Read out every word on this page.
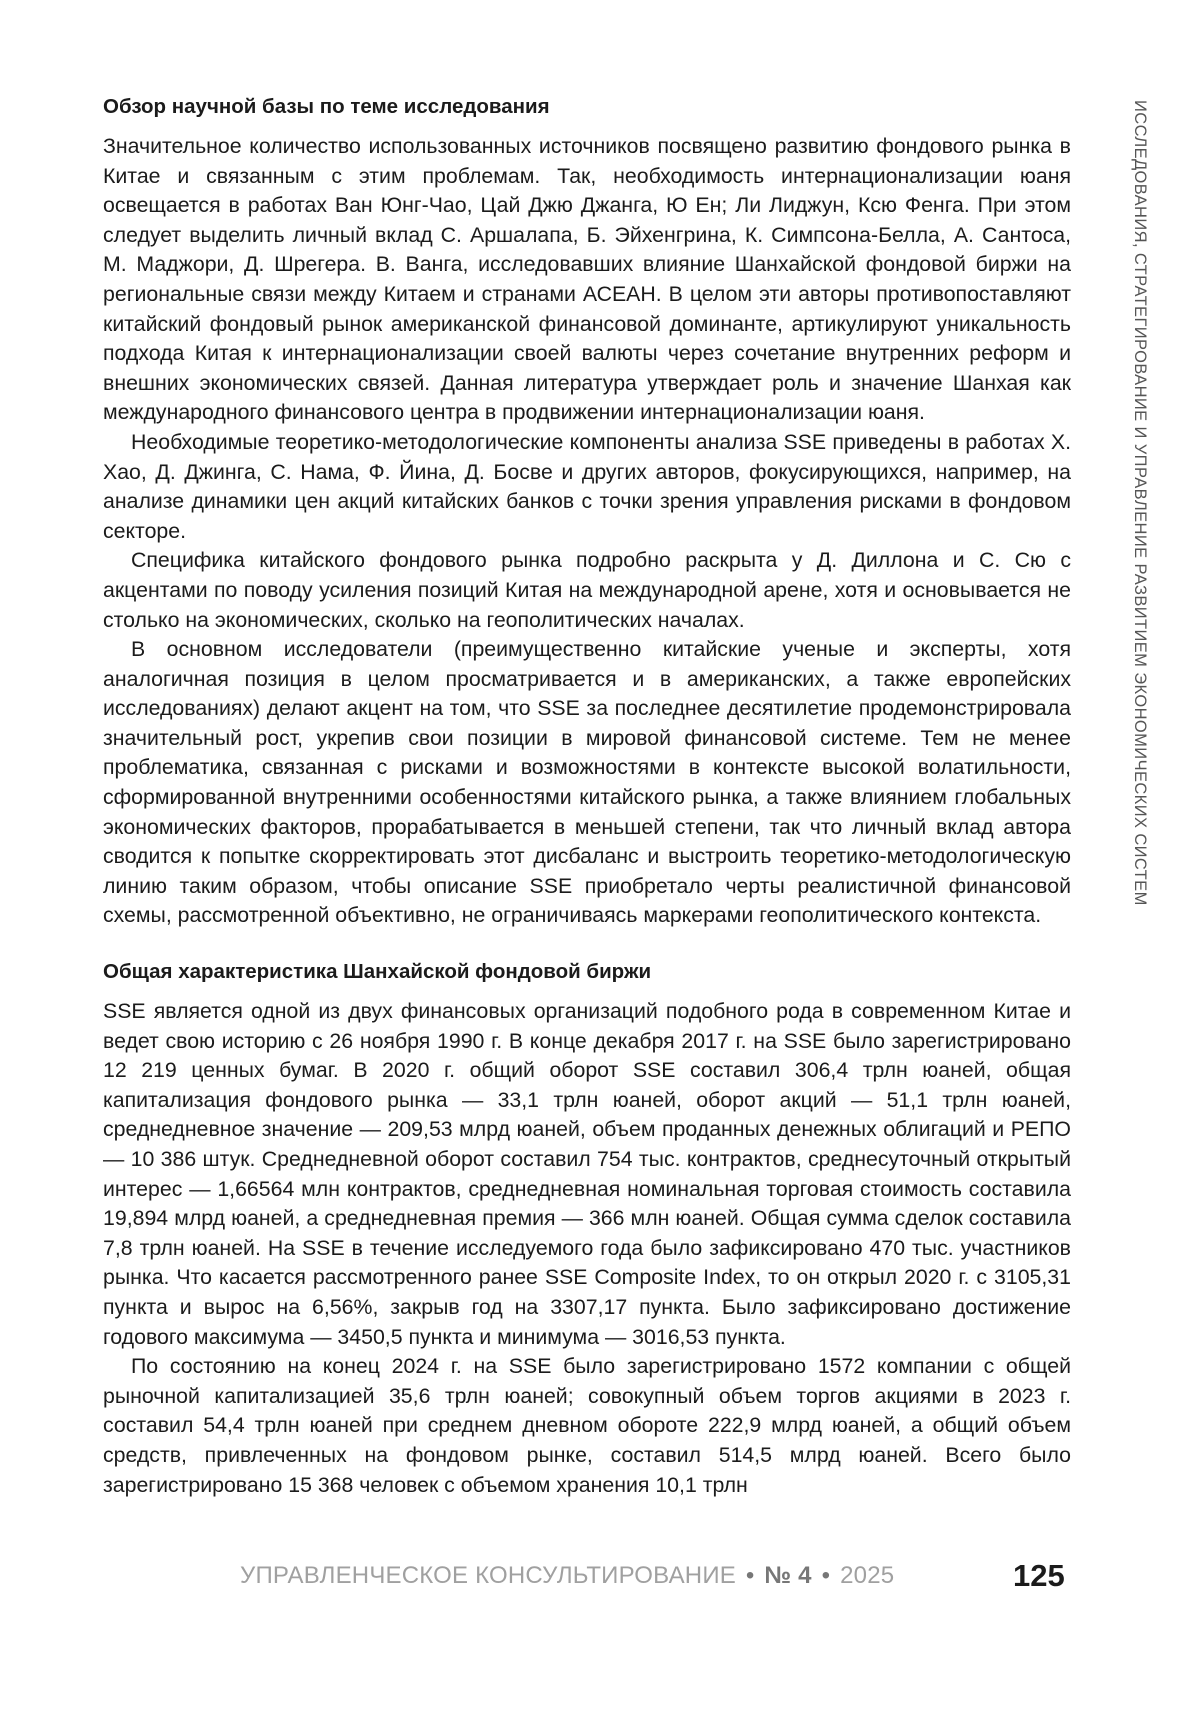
ИССЛЕДОВАНИЯ, СТРАТЕГИРОВАНИЕ И УПРАВЛЕНИЕ РАЗВИТИЕМ ЭКОНОМИЧЕСКИХ СИСТЕМ
Обзор научной базы по теме исследования

Значительное количество использованных источников посвящено развитию фондово­го рынка в Китае и связанным с этим проблемам. Так, необходимость интернационализации юаня освещается в работах Ван Юнг-Чао, Цай Джю Джанга, Ю Ен; Ли Лиджун, Ксю Фенга. При этом следует выделить личный вклад С. Аршалапа, Б. Эйхенгрина, К. Симпсона-Белла, А. Сантоса, М. Маджори, Д. Шрегера. В. Ванга, исследовавших влияние Шанхайской фондовой биржи на региональные связи между Китаем и странами АСЕАН. В целом эти авторы противопоставляют китайский фондовый рынок американской финансовой доминанте, артикулируют уникальность подхода Китая к интернационализации своей валюты через сочетание внутренних реформ и внешних экономических связей. Данная литература утверждает роль и значение Шанхая как международного финансового центра в продвижении интернационализации юаня.

Необходимые теоретико-методологические компоненты анализа SSE приведены в работах Х. Хао, Д. Джинга, С. Нама, Ф. Йина, Д. Босве и других авторов, фокусирующихся, например, на анализе динамики цен акций китайских банков с точки зрения управления рисками в фондовом секторе.

Специфика китайского фондового рынка подробно раскрыта у Д. Диллона и С. Сю с акцентами по поводу усиления позиций Китая на международной арене, хотя и основывается не столько на экономических, сколько на геополитических началах.

В основном исследователи (преимущественно китайские ученые и эксперты, хотя аналогичная позиция в целом просматривается и в американских, а также европейских исследованиях) делают акцент на том, что SSE за последнее десятилетие продемонстрировала значительный рост, укрепив свои позиции в мировой финансовой системе. Тем не менее проблематика, связанная с рисками и возможностями в контексте высокой волатильности, сформированной внутренними особенностями китайского рынка, а также влиянием глобальных экономических факторов, прорабатывается в меньшей степени, так что личный вклад автора сводится к попытке скорректировать этот дисбаланс и выстроить теоретико-методологическую линию таким образом, чтобы описание SSE приобретало черты реалистичной финансовой схемы, рассмотренной объективно, не ограничиваясь маркерами геополитического контекста.

Общая характеристика Шанхайской фондовой биржи

SSE является одной из двух финансовых организаций подобного рода в современном Китае и ведет свою историю с 26 ноября 1990 г. В конце декабря 2017 г. на SSE было зарегистрировано 12 219 ценных бумаг. В 2020 г. общий оборот SSE составил 306,4 трлн юаней, общая капитализация фондового рынка — 33,1 трлн юаней, оборот акций — 51,1 трлн юаней, среднедневное значение — 209,53 млрд юаней, объем проданных денежных облигаций и РЕПО — 10 386 штук. Среднедневной оборот составил 754 тыс. контрактов, среднесуточный открытый интерес — 1,66564 млн контрактов, среднедневная номинальная торговая стоимость составила 19,894 млрд юаней, а среднедневная премия — 366 млн юаней. Общая сумма сделок составила 7,8 трлн юаней. На SSE в течение исследуемого года было зафиксировано 470 тыс. участников рынка. Что касается рассмотренного ранее SSE Composite Index, то он открыл 2020 г. с 3105,31 пункта и вырос на 6,56%, закрыв год на 3307,17 пункта. Было зафиксировано достижение годового максимума — 3450,5 пункта и минимума — 3016,53 пункта.

По состоянию на конец 2024 г. на SSE было зарегистрировано 1572 компании с общей рыночной капитализацией 35,6 трлн юаней; совокупный объем торгов акциями в 2023 г. составил 54,4 трлн юаней при среднем дневном обороте 222,9 млрд юаней, а общий объем средств, привлеченных на фондовом рынке, составил 514,5 млрд юаней. Всего было зарегистрировано 15 368 человек с объемом хранения 10,1 трлн

УПРАВЛЕНЧЕСКОЕ КОНСУЛЬТИРОВАНИЕ • № 4 • 2025	125
